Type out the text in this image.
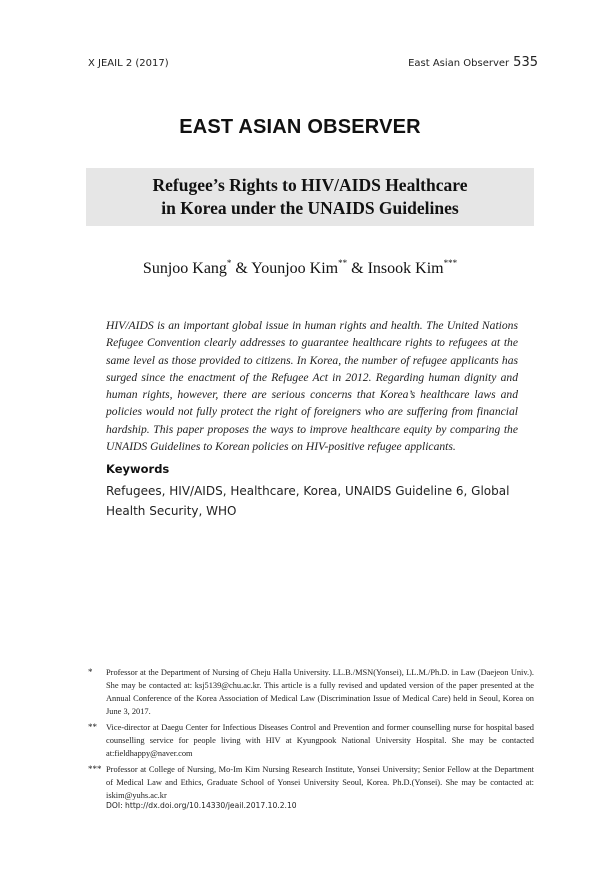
X JEAIL 2 (2017)	East Asian Observer 535
EAST ASIAN OBSERVER
Refugee’s Rights to HIV/AIDS Healthcare
in Korea under the UNAIDS Guidelines
Sunjoo Kang* & Younjoo Kim** & Insook Kim***
HIV/AIDS is an important global issue in human rights and health. The United Nations Refugee Convention clearly addresses to guarantee healthcare rights to refugees at the same level as those provided to citizens. In Korea, the number of refugee applicants has surged since the enactment of the Refugee Act in 2012. Regarding human dignity and human rights, however, there are serious concerns that Korea’s healthcare laws and policies would not fully protect the right of foreigners who are suffering from financial hardship. This paper proposes the ways to improve healthcare equity by comparing the UNAIDS Guidelines to Korean policies on HIV-positive refugee applicants.
Keywords
Refugees, HIV/AIDS, Healthcare, Korea, UNAIDS Guideline 6, Global Health Security, WHO
*	Professor at the Department of Nursing of Cheju Halla University. LL.B./MSN(Yonsei), LL.M./Ph.D. in Law (Daejeon Univ.). She may be contacted at: ksj5139@chu.ac.kr. This article is a fully revised and updated version of the paper presented at the Annual Conference of the Korea Association of Medical Law (Discrimination Issue of Medical Care) held in Seoul, Korea on June 3, 2017.
**	Vice-director at Daegu Center for Infectious Diseases Control and Prevention and former counselling nurse for hospital based counselling service for people living with HIV at Kyungpook National University Hospital. She may be contacted at:fieldhappy@naver.com
*** Professor at College of Nursing, Mo-Im Kim Nursing Research Institute, Yonsei University; Senior Fellow at the Department of Medical Law and Ethics, Graduate School of Yonsei University Seoul, Korea. Ph.D.(Yonsei). She may be contacted at: iskim@yuhs.ac.kr
DOI: http://dx.doi.org/10.14330/jeail.2017.10.2.10
